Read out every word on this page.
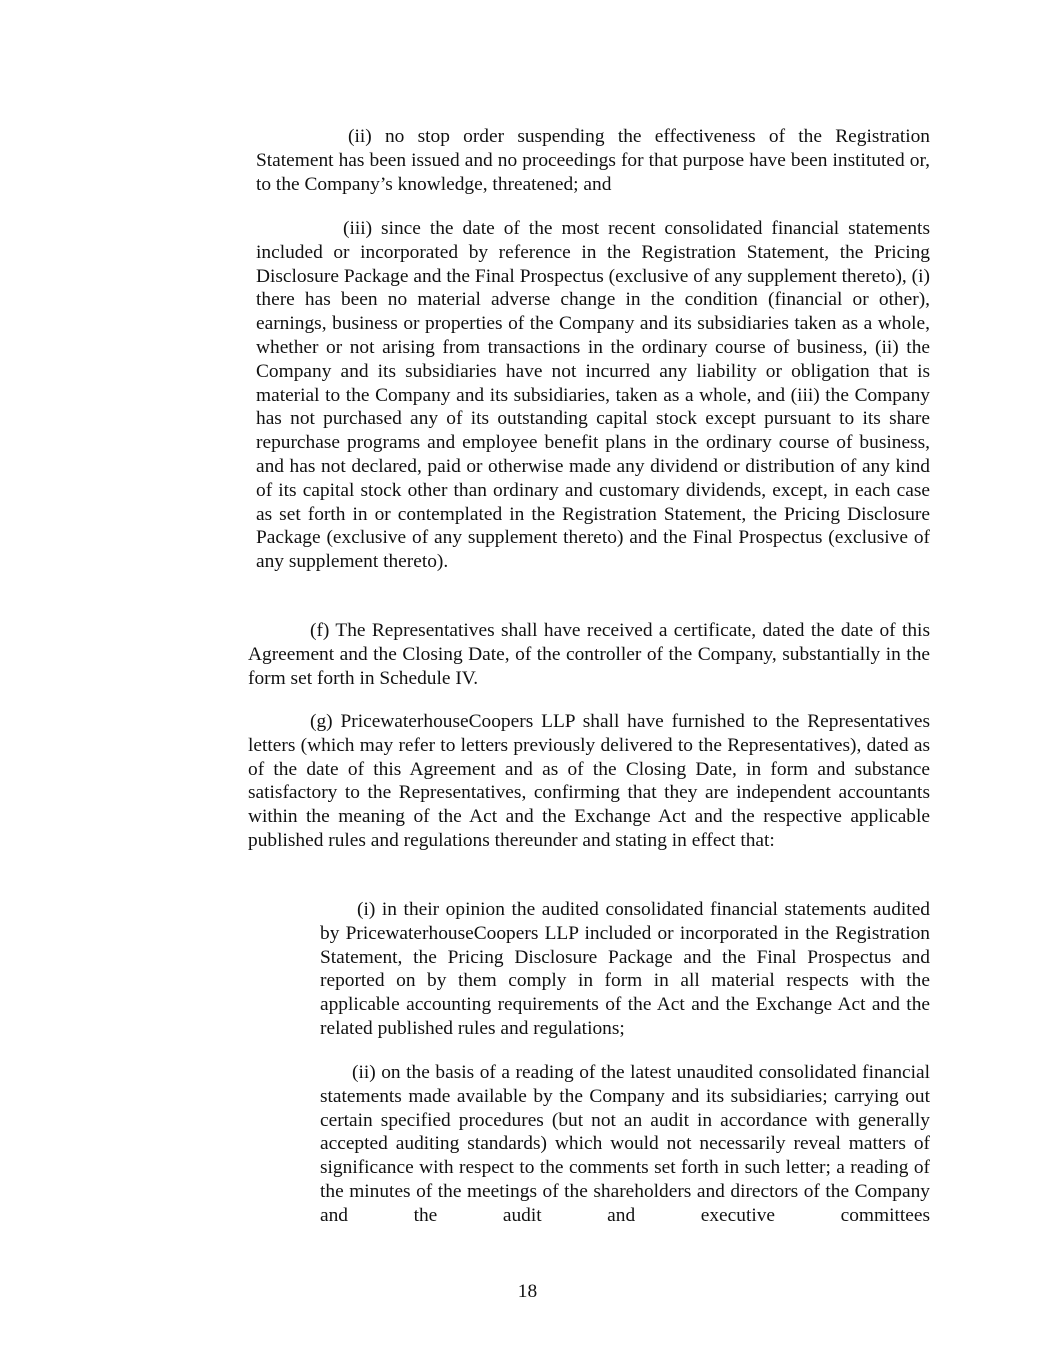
(ii) no stop order suspending the effectiveness of the Registration Statement has been issued and no proceedings for that purpose have been instituted or, to the Company’s knowledge, threatened; and

(iii) since the date of the most recent consolidated financial statements included or incorporated by reference in the Registration Statement, the Pricing Disclosure Package and the Final Prospectus (exclusive of any supplement thereto), (i) there has been no material adverse change in the condition (financial or other), earnings, business or properties of the Company and its subsidiaries taken as a whole, whether or not arising from transactions in the ordinary course of business, (ii) the Company and its subsidiaries have not incurred any liability or obligation that is material to the Company and its subsidiaries, taken as a whole, and (iii) the Company has not purchased any of its outstanding capital stock except pursuant to its share repurchase programs and employee benefit plans in the ordinary course of business, and has not declared, paid or otherwise made any dividend or distribution of any kind of its capital stock other than ordinary and customary dividends, except, in each case as set forth in or contemplated in the Registration Statement, the Pricing Disclosure Package (exclusive of any supplement thereto) and the Final Prospectus (exclusive of any supplement thereto).

(f) The Representatives shall have received a certificate, dated the date of this Agreement and the Closing Date, of the controller of the Company, substantially in the form set forth in Schedule IV.

(g) PricewaterhouseCoopers LLP shall have furnished to the Representatives letters (which may refer to letters previously delivered to the Representatives), dated as of the date of this Agreement and as of the Closing Date, in form and substance satisfactory to the Representatives, confirming that they are independent accountants within the meaning of the Act and the Exchange Act and the respective applicable published rules and regulations thereunder and stating in effect that:

(i) in their opinion the audited consolidated financial statements audited by PricewaterhouseCoopers LLP included or incorporated in the Registration Statement, the Pricing Disclosure Package and the Final Prospectus and reported on by them comply in form in all material respects with the applicable accounting requirements of the Act and the Exchange Act and the related published rules and regulations;

(ii) on the basis of a reading of the latest unaudited consolidated financial statements made available by the Company and its subsidiaries; carrying out certain specified procedures (but not an audit in accordance with generally accepted auditing standards) which would not necessarily reveal matters of significance with respect to the comments set forth in such letter; a reading of the minutes of the meetings of the shareholders and directors of the Company and the audit and executive committees

18
